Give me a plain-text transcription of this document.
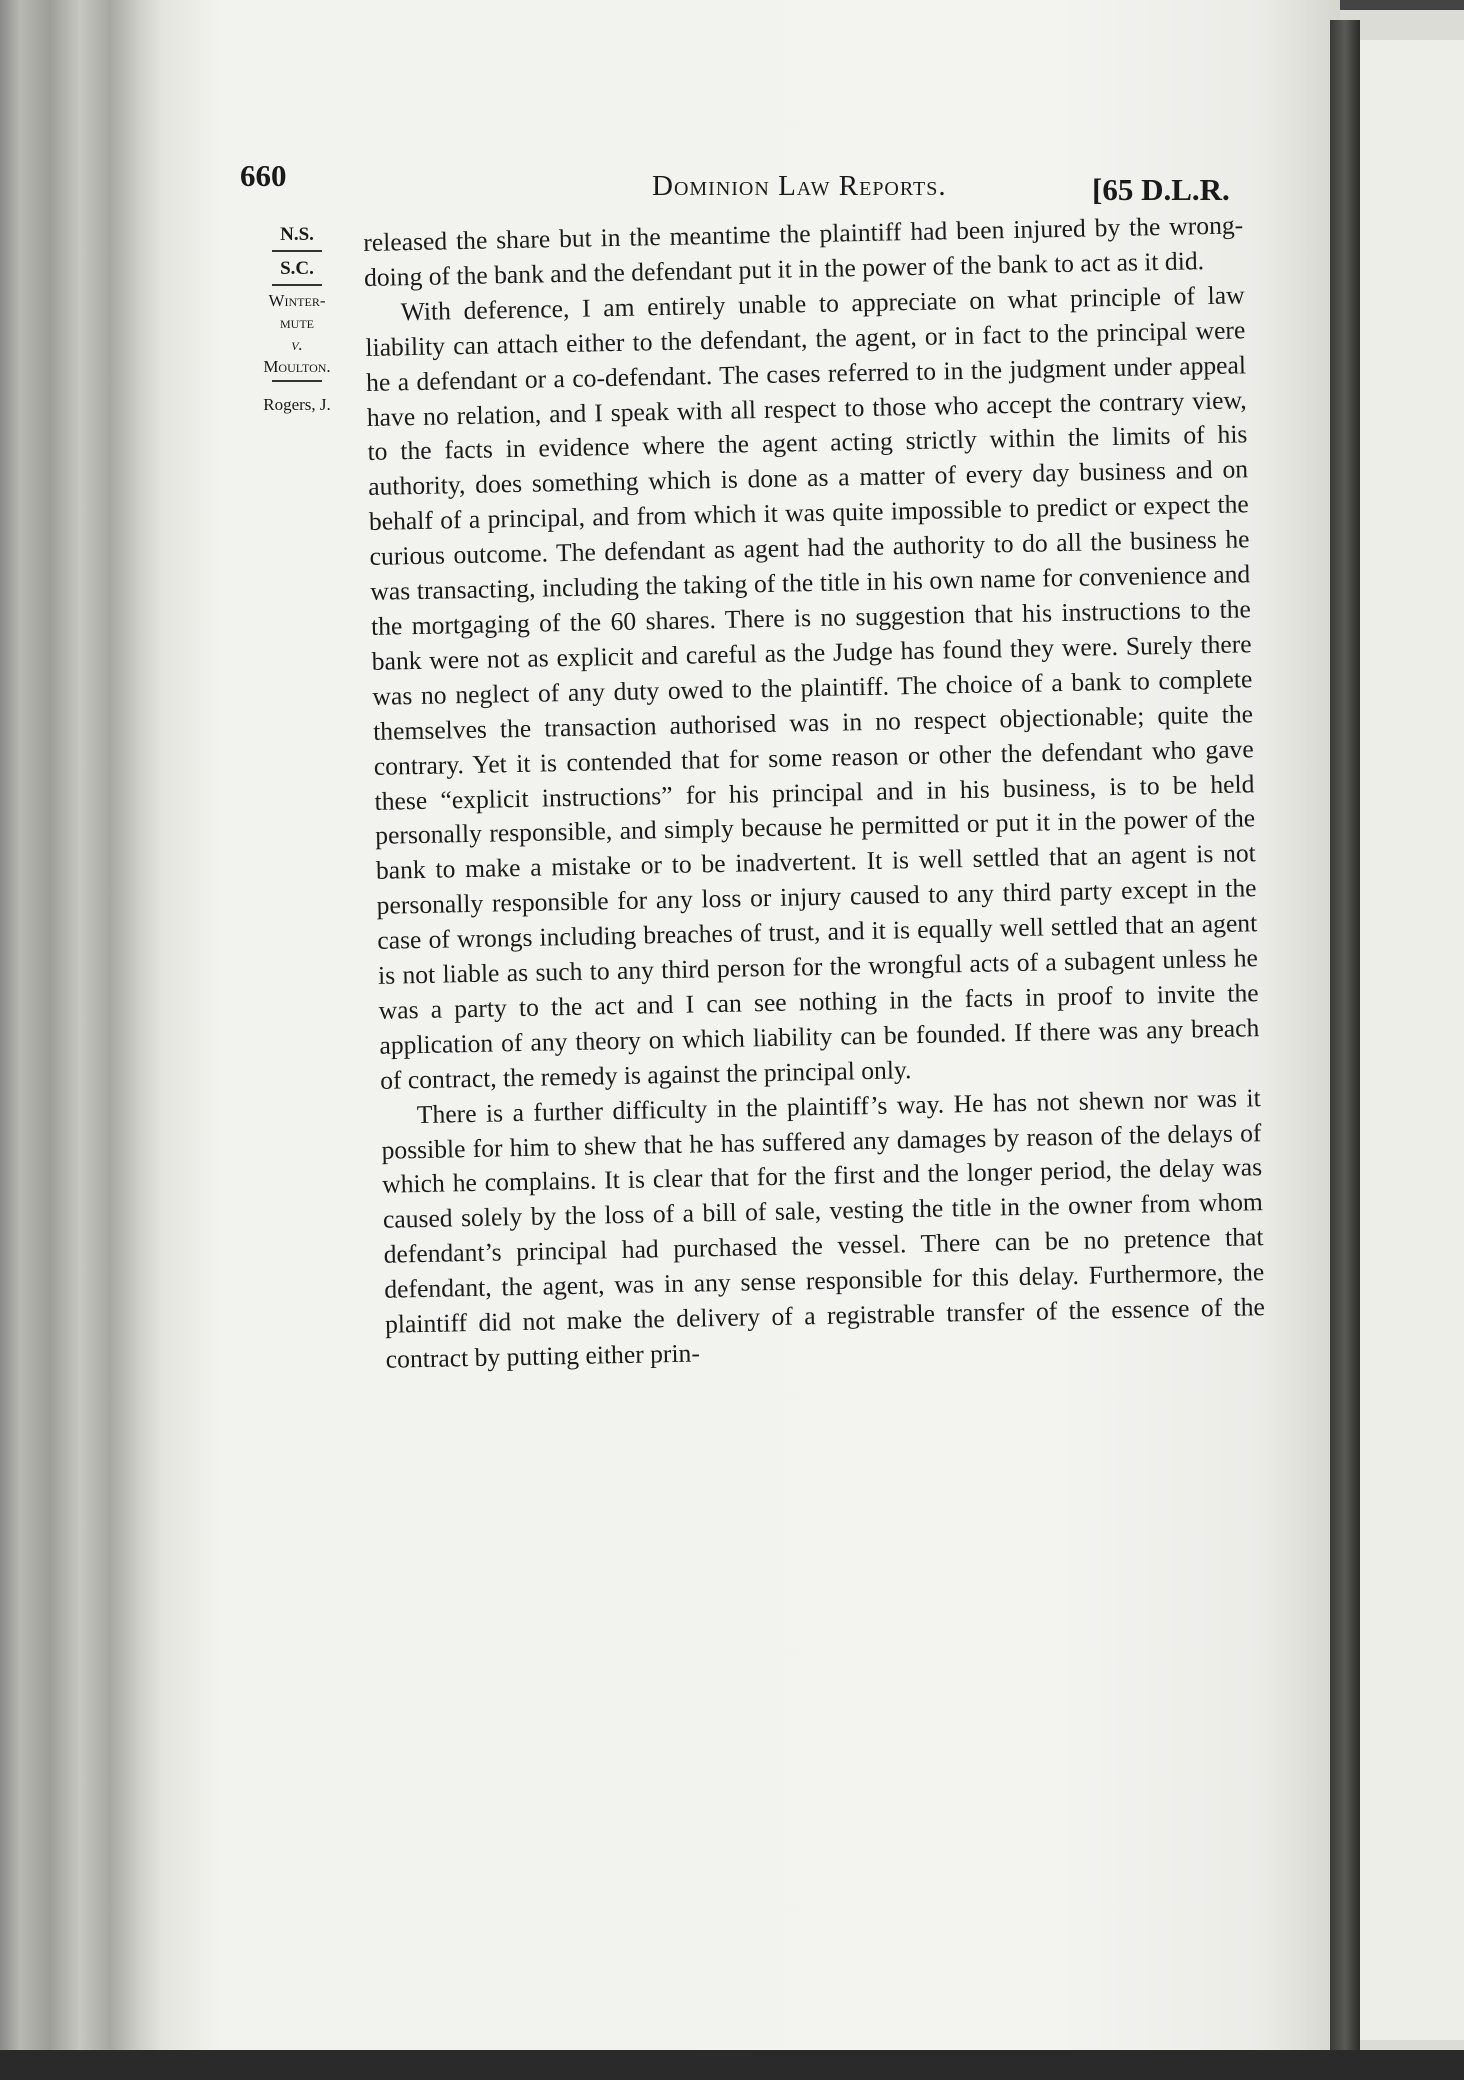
660	Dominion Law Reports.	[65 D.L.R.
N.S.
S.C.
Winter-
mute
v.
Moulton.
Rogers, J.

released the share but in the meantime the plaintiff had been injured by the wrong-doing of the bank and the defendant put it in the power of the bank to act as it did.

With deference, I am entirely unable to appreciate on what principle of law liability can attach either to the defendant, the agent, or in fact to the principal were he a defendant or a co-defendant. The cases referred to in the judgment under appeal have no relation, and I speak with all respect to those who accept the contrary view, to the facts in evidence where the agent acting strictly within the limits of his authority, does something which is done as a matter of every day business and on behalf of a principal, and from which it was quite impossible to predict or expect the curious outcome. The defendant as agent had the authority to do all the business he was transacting, including the taking of the title in his own name for convenience and the mortgaging of the 60 shares. There is no suggestion that his instructions to the bank were not as explicit and careful as the Judge has found they were. Surely there was no neglect of any duty owed to the plaintiff. The choice of a bank to complete themselves the transaction authorised was in no respect objectionable; quite the contrary. Yet it is contended that for some reason or other the defendant who gave these “explicit instructions” for his principal and in his business, is to be held personally responsible, and simply because he permitted or put it in the power of the bank to make a mistake or to be inadvertent. It is well settled that an agent is not personally responsible for any loss or injury caused to any third party except in the case of wrongs including breaches of trust, and it is equally well settled that an agent is not liable as such to any third person for the wrongful acts of a subagent unless he was a party to the act and I can see nothing in the facts in proof to invite the application of any theory on which liability can be founded. If there was any breach of contract, the remedy is against the principal only.

There is a further difficulty in the plaintiff’s way. He has not shewn nor was it possible for him to shew that he has suffered any damages by reason of the delays of which he complains. It is clear that for the first and the longer period, the delay was caused solely by the loss of a bill of sale, vesting the title in the owner from whom defendant’s principal had purchased the vessel. There can be no pretence that defendant, the agent, was in any sense responsible for this delay. Furthermore, the plaintiff did not make the delivery of a registrable transfer of the essence of the contract by putting either prin-
